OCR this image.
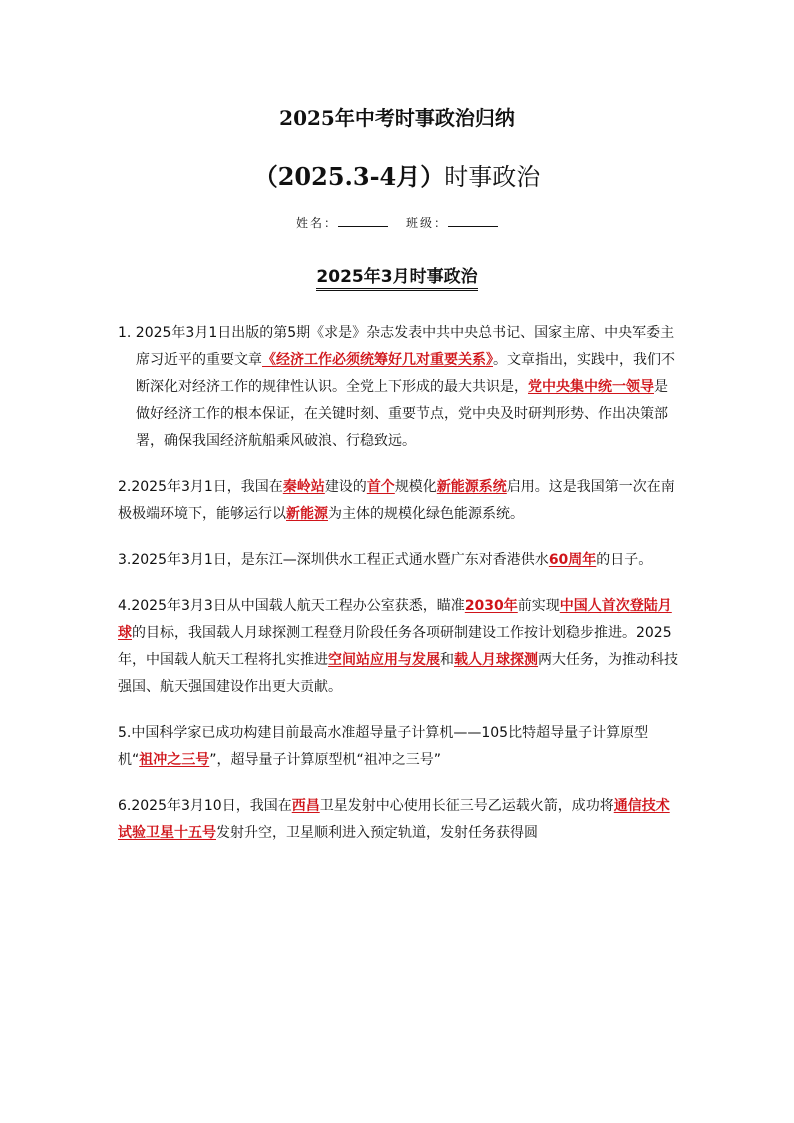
2025年中考时事政治归纳
（2025.3-4月）时事政治
姓名：	班级：
2025年3月时事政治

1. 2025年3月1日出版的第5期《求是》杂志发表中共中央总书记、国家主席、中央军委主席习近平的重要文章《经济工作必须统筹好几对重要关系》。文章指出，实践中，我们不断深化对经济工作的规律性认识。全党上下形成的最大共识是，党中央集中统一领导是做好经济工作的根本保证，在关键时刻、重要节点，党中央及时研判形势、作出决策部署，确保我国经济航船乘风破浪、行稳致远。

2.2025年3月1日，我国在秦岭站建设的首个规模化新能源系统启用。这是我国第一次在南极极端环境下，能够运行以新能源为主体的规模化绿色能源系统。

3.2025年3月1日，是东江—深圳供水工程正式通水暨广东对香港供水60周年的日子。

4.2025年3月3日从中国载人航天工程办公室获悉，瞄准2030年前实现中国人首次登陆月球的目标，我国载人月球探测工程登月阶段任务各项研制建设工作按计划稳步推进。2025年，中国载人航天工程将扎实推进空间站应用与发展和载人月球探测两大任务，为推动科技强国、航天强国建设作出更大贡献。

5.中国科学家已成功构建目前最高水准超导量子计算机——105比特超导量子计算原型机“祖冲之三号”，超导量子计算原型机“祖冲之三号”

6.2025年3月10日，我国在西昌卫星发射中心使用长征三号乙运载火箭，成功将通信技术试验卫星十五号发射升空，卫星顺利进入预定轨道，发射任务获得圆
